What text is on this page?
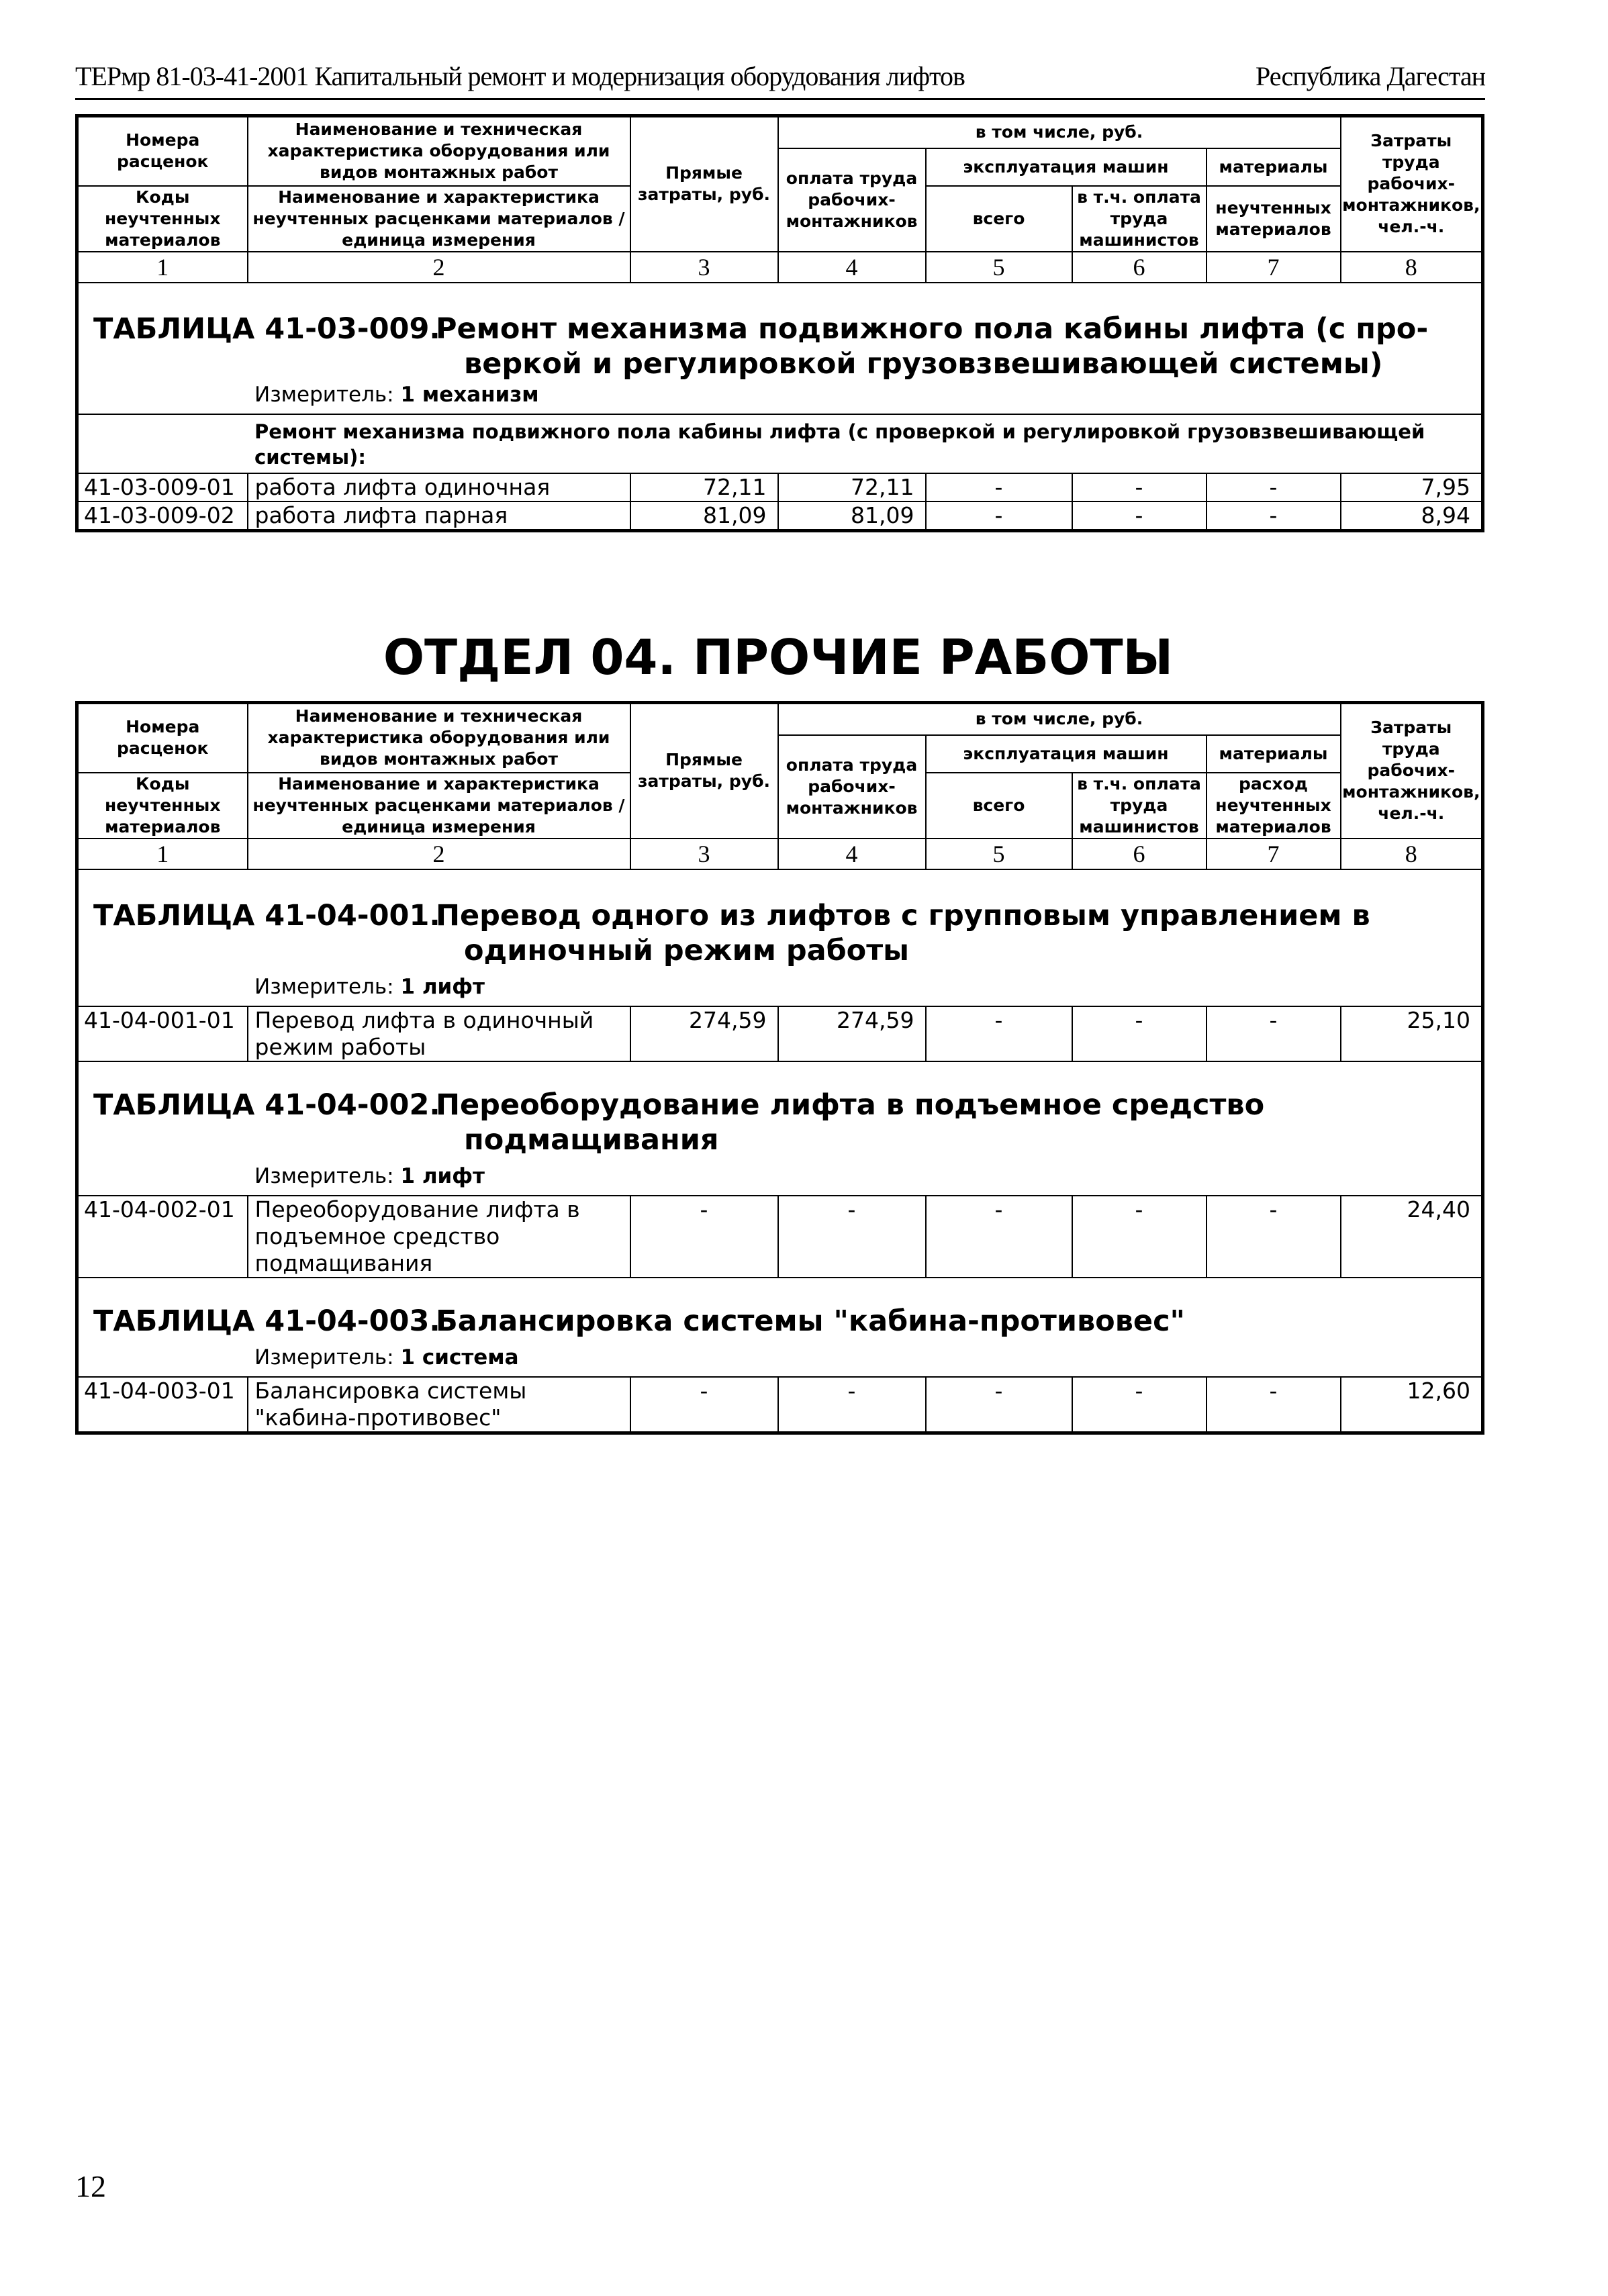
ТЕРмр 81-03-41-2001 Капитальный ремонт и модернизация оборудования лифтов	Республика Дагестан
Номера расценок	Наименование и техническая характеристика оборудования или видов монтажных работ	Прямые затраты, руб.	в том числе, руб.				Затраты труда рабочих-монтажников, чел.-ч.
			оплата труда рабочих-монтажников	эксплуатация машин		материалы	

Коды неучтенных материалов	Наименование и характеристика неучтенных расценками материалов / единица измерения			всего	в т.ч. оплата труда машинистов	неучтенных материалов	

1	2	3	4	5	6	7	8

ТАБЛИЦА 41-03-009.Ремонт механизма подвижного пола кабины лифта (с про-
веркой и регулировкой грузовзвешивающей системы)
Измеритель: 1 механизм							

Ремонт механизма подвижного пола кабины лифта (с проверкой и регулировкой грузовзвешивающей системы):							
41-03-009-01	работа лифта одиночная	72,11	72,11	-	-	-	7,95
41-03-009-02	работа лифта парная	81,09	81,09	-	-	-	8,94
ОТДЕЛ 04. ПРОЧИЕ РАБОТЫ
Номера расценок	Наименование и техническая характеристика оборудования или видов монтажных работ	Прямые затраты, руб.	в том числе, руб.				Затраты труда рабочих-монтажников, чел.-ч.
			оплата труда рабочих-монтажников	эксплуатация машин		материалы	

Коды неучтенных материалов	Наименование и характеристика неучтенных расценками материалов / единица измерения			всего	в т.ч. оплата труда машинистов	расход неучтенных материалов	

1	2	3	4	5	6	7	8

ТАБЛИЦА 41-04-001.Перевод одного из лифтов с групповым управлением в
одиночный режим работы
Измеритель: 1 лифт							

41-04-001-01	Перевод лифта в одиночный режим работы	274,59	274,59	-	-	-	25,10

ТАБЛИЦА 41-04-002.Переоборудование лифта в подъемное средство
подмащивания
Измеритель: 1 лифт							

41-04-002-01	Переоборудование лифта в подъемное средство подмащивания	-	-	-	-	-	24,40

ТАБЛИЦА 41-04-003.Балансировка системы "кабина-противовес"
Измеритель: 1 система							

41-04-003-01	Балансировка системы "кабина-противовес"	-	-	-	-	-	12,60
12
